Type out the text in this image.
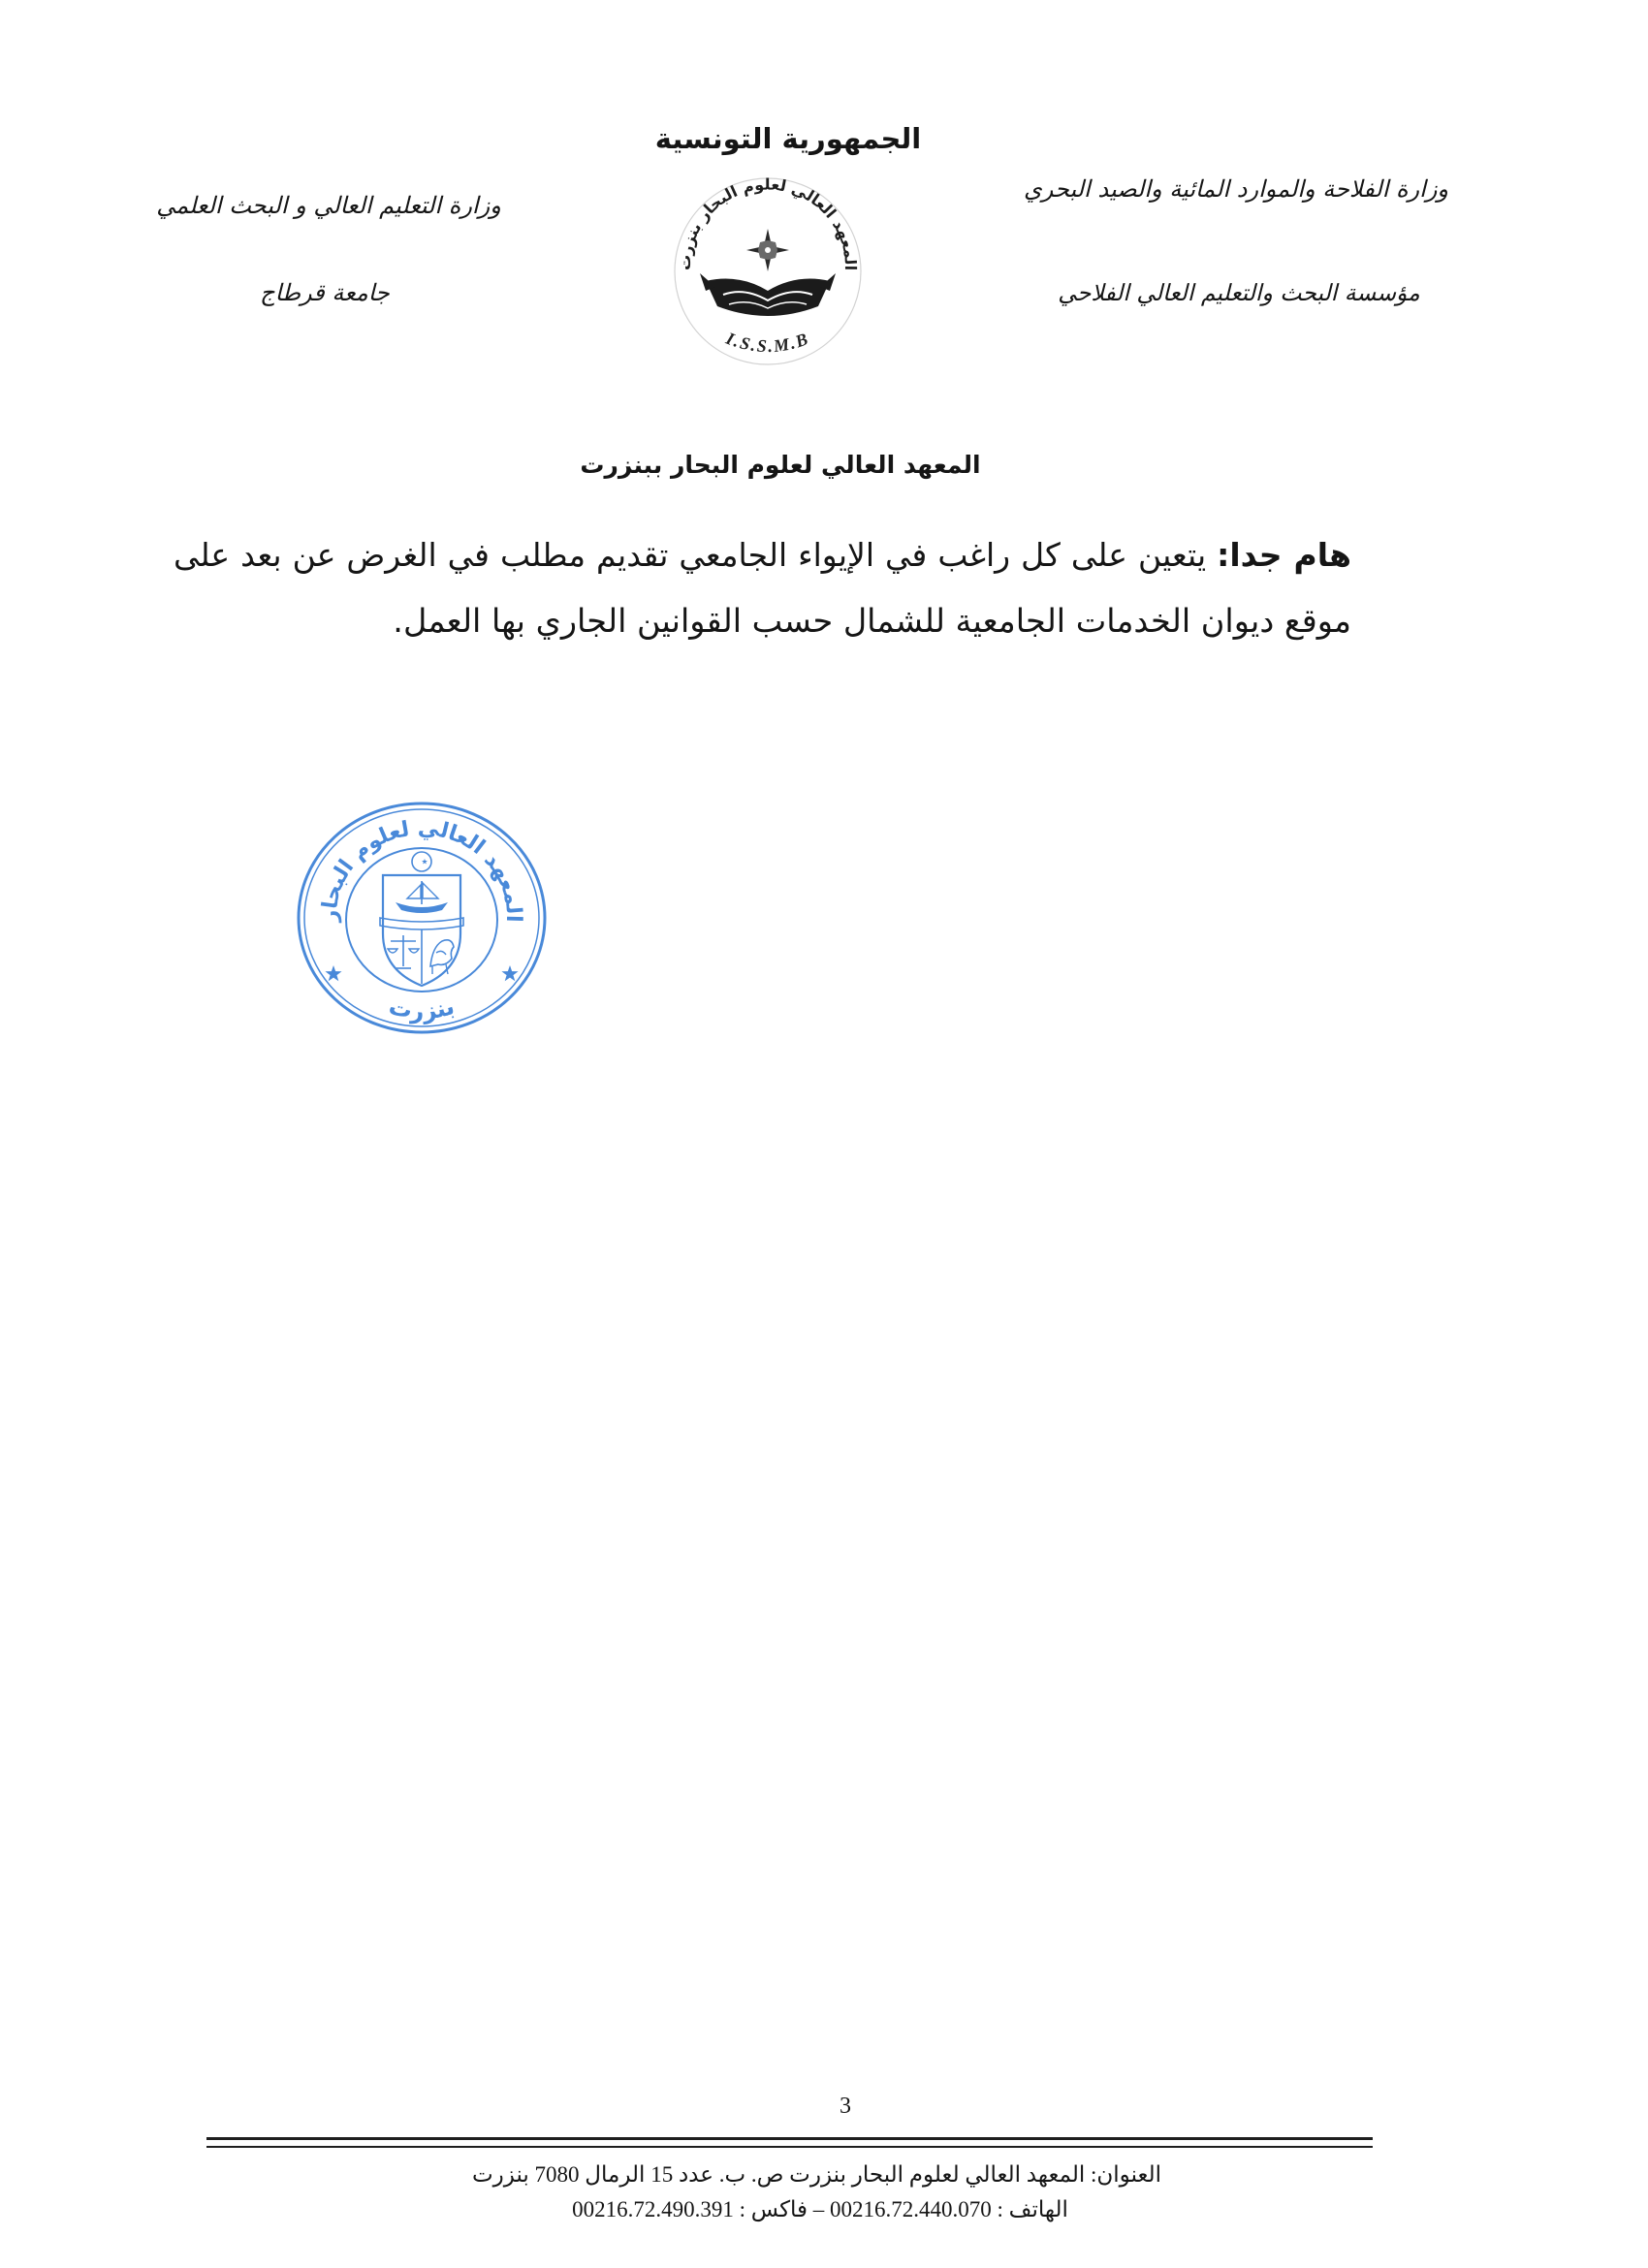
الجمهورية التونسية
وزارة الفلاحة والموارد المائية والصيد البحري
مؤسسة البحث والتعليم العالي الفلاحي
وزارة التعليم العالي و البحث العلمي
جامعة قرطاج
المعهد العالي لعلوم البحار بنزرت
I.S.S.M.B
المعهد العالي لعلوم البحار ببنزرت
هام جدا: يتعين على كل راغب في الإيواء الجامعي تقديم مطلب في الغرض عن بعد على
موقع ديوان الخدمات الجامعية للشمال حسب القوانين الجاري بها العمل.
المعهد العالي لعلوم البحار
بنزرت
3
العنوان: المعهد العالي لعلوم البحار بنزرت ص. ب. عدد 15 الرمال 7080 بنزرت
الهاتف : 00216.72.440.070 – فاكس : 00216.72.490.391
